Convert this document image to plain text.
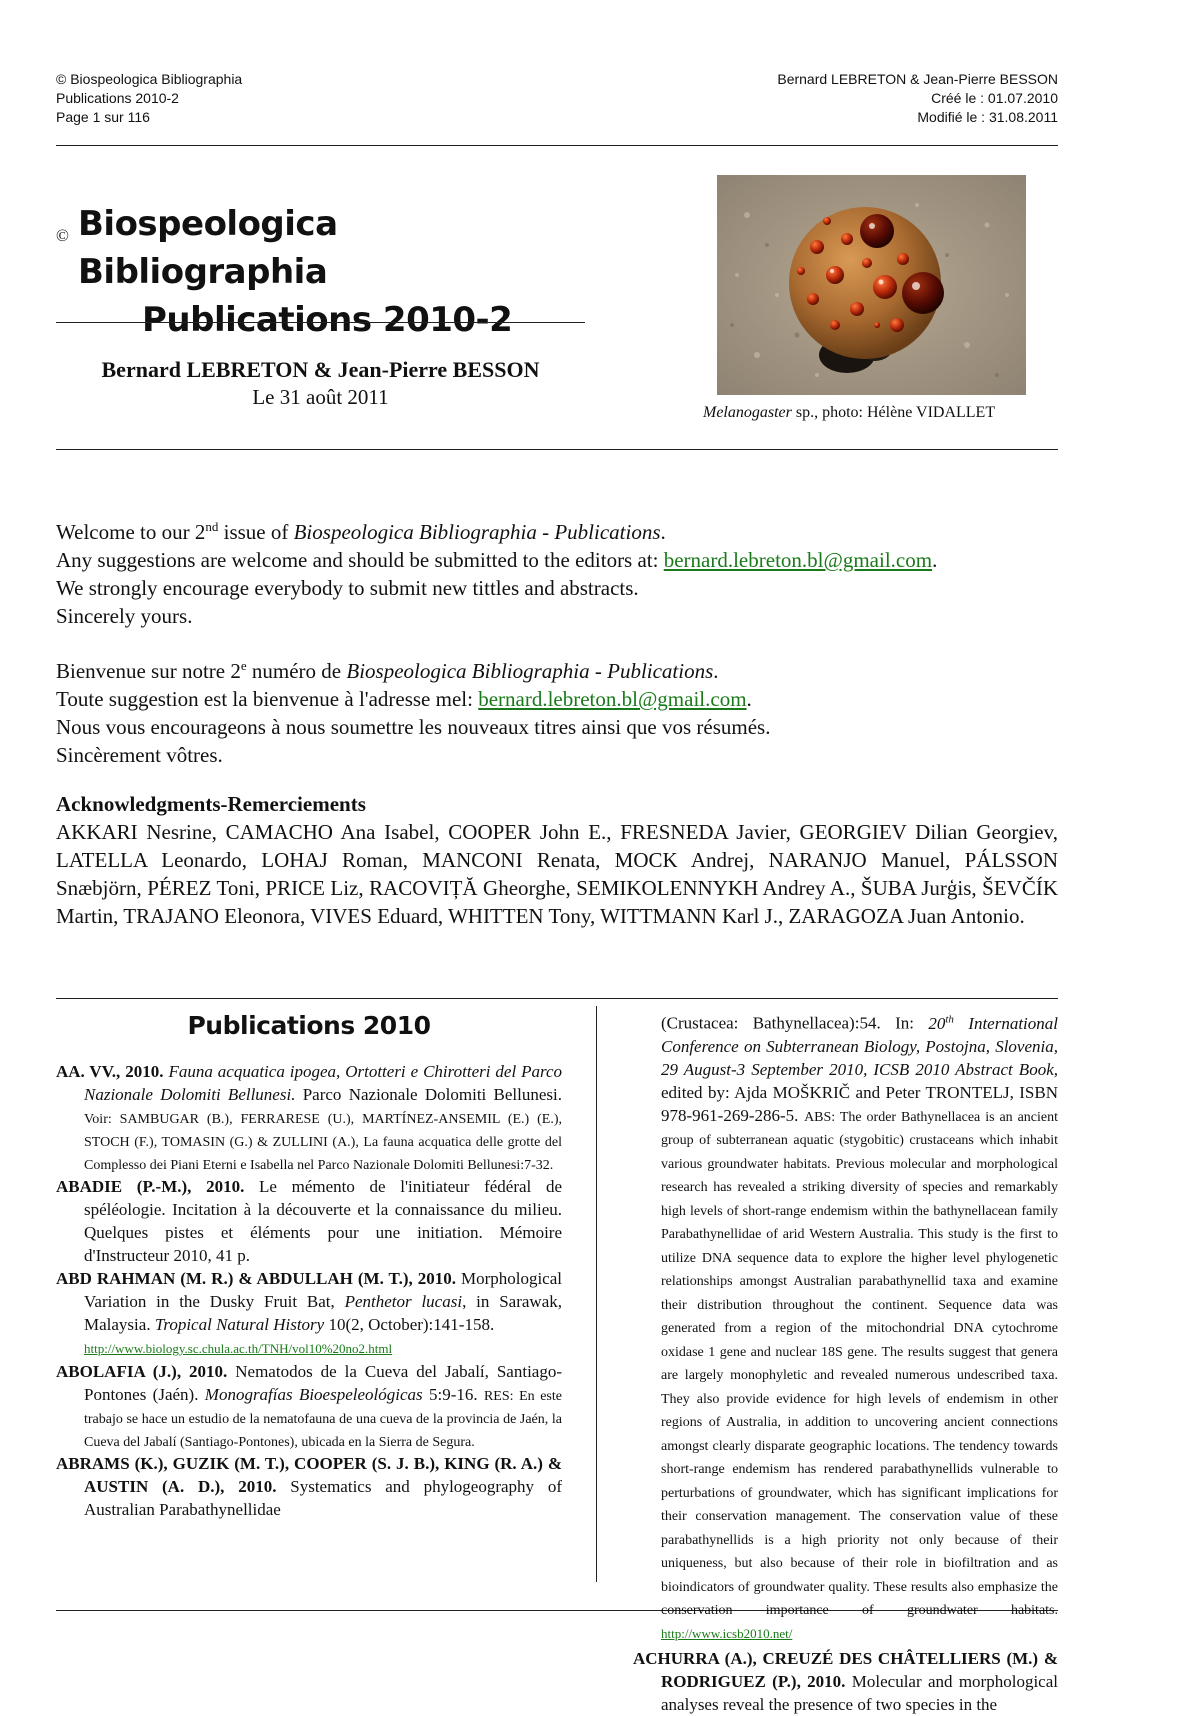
© Biospeologica Bibliographia
Publications 2010-2
Page 1 sur 116
Bernard LEBRETON & Jean-Pierre BESSON
Créé le : 01.07.2010
Modifié le : 31.08.2011
© Biospeologica Bibliographia
Publications 2010-2
Bernard LEBRETON & Jean-Pierre BESSON
Le 31 août 2011
Melanogaster sp., photo: Hélène VIDALLET
Welcome to our 2nd issue of Biospeologica Bibliographia - Publications.
Any suggestions are welcome and should be submitted to the editors at: bernard.lebreton.bl@gmail.com.
We strongly encourage everybody to submit new tittles and abstracts.
Sincerely yours.
Bienvenue sur notre 2e numéro de Biospeologica Bibliographia - Publications.
Toute suggestion est la bienvenue à l'adresse mel: bernard.lebreton.bl@gmail.com.
Nous vous encourageons à nous soumettre les nouveaux titres ainsi que vos résumés.
Sincèrement vôtres.
Acknowledgments-Remerciements
AKKARI Nesrine, CAMACHO Ana Isabel, COOPER John E., FRESNEDA Javier, GEORGIEV Dilian Georgiev, LATELLA Leonardo, LOHAJ Roman, MANCONI Renata, MOCK Andrej, NARANJO Manuel, PÁLSSON Snæbjörn, PÉREZ Toni, PRICE Liz, RACOVIȚĂ Gheorghe, SEMIKOLENNYKH Andrey A., ŠUBA Jurģis, ŠEVČÍK Martin, TRAJANO Eleonora, VIVES Eduard, WHITTEN Tony, WITTMANN Karl J., ZARAGOZA Juan Antonio.
Publications 2010

AA. VV., 2010. Fauna acquatica ipogea, Ortotteri e Chirotteri del Parco Nazionale Dolomiti Bellunesi. Parco Nazionale Dolomiti Bellunesi. Voir: SAMBUGAR (B.), FERRARESE (U.), MARTÍNEZ-ANSEMIL (E.) (E.), STOCH (F.), TOMASIN (G.) & ZULLINI (A.), La fauna acquatica delle grotte del Complesso dei Piani Eterni e Isabella nel Parco Nazionale Dolomiti Bellunesi:7-32.

ABADIE (P.-M.), 2010. Le mémento de l'initiateur fédéral de spéléologie. Incitation à la découverte et la connaissance du milieu. Quelques pistes et éléments pour une initiation. Mémoire d'Instructeur 2010, 41 p.

ABD RAHMAN (M. R.) & ABDULLAH (M. T.), 2010. Morphological Variation in the Dusky Fruit Bat, Penthetor lucasi, in Sarawak, Malaysia. Tropical Natural History 10(2, October):141-158.
http://www.biology.sc.chula.ac.th/TNH/vol10%20no2.html

ABOLAFIA (J.), 2010. Nematodos de la Cueva del Jabalí, Santiago-Pontones (Jaén). Monografías Bioespeleológicas 5:9-16. RES: En este trabajo se hace un estudio de la nematofauna de una cueva de la provincia de Jaén, la Cueva del Jabalí (Santiago-Pontones), ubicada en la Sierra de Segura.

ABRAMS (K.), GUZIK (M. T.), COOPER (S. J. B.), KING (R. A.) & AUSTIN (A. D.), 2010. Systematics and phylogeography of Australian Parabathynellidae

(Crustacea: Bathynellacea):54. In: 20th International Conference on Subterranean Biology, Postojna, Slovenia, 29 August-3 September 2010, ICSB 2010 Abstract Book, edited by: Ajda MOŠKRIČ and Peter TRONTELJ, ISBN 978-961-269-286-5. ABS: The order Bathynellacea is an ancient group of subterranean aquatic (stygobitic) crustaceans which inhabit various groundwater habitats. Previous molecular and morphological research has revealed a striking diversity of species and remarkably high levels of short-range endemism within the bathynellacean family Parabathynellidae of arid Western Australia. This study is the first to utilize DNA sequence data to explore the higher level phylogenetic relationships amongst Australian parabathynellid taxa and examine their distribution throughout the continent. Sequence data was generated from a region of the mitochondrial DNA cytochrome oxidase 1 gene and nuclear 18S gene. The results suggest that genera are largely monophyletic and revealed numerous undescribed taxa. They also provide evidence for high levels of endemism in other regions of Australia, in addition to uncovering ancient connections amongst clearly disparate geographic locations. The tendency towards short-range endemism has rendered parabathynellids vulnerable to perturbations of groundwater, which has significant implications for their conservation management. The conservation value of these parabathynellids is a high priority not only because of their uniqueness, but also because of their role in biofiltration and as bioindicators of groundwater quality. These results also emphasize the conservation importance of groundwater habitats. http://www.icsb2010.net/

ACHURRA (A.), CREUZÉ DES CHÂTELLIERS (M.) & RODRIGUEZ (P.), 2010. Molecular and morphological analyses reveal the presence of two species in the
